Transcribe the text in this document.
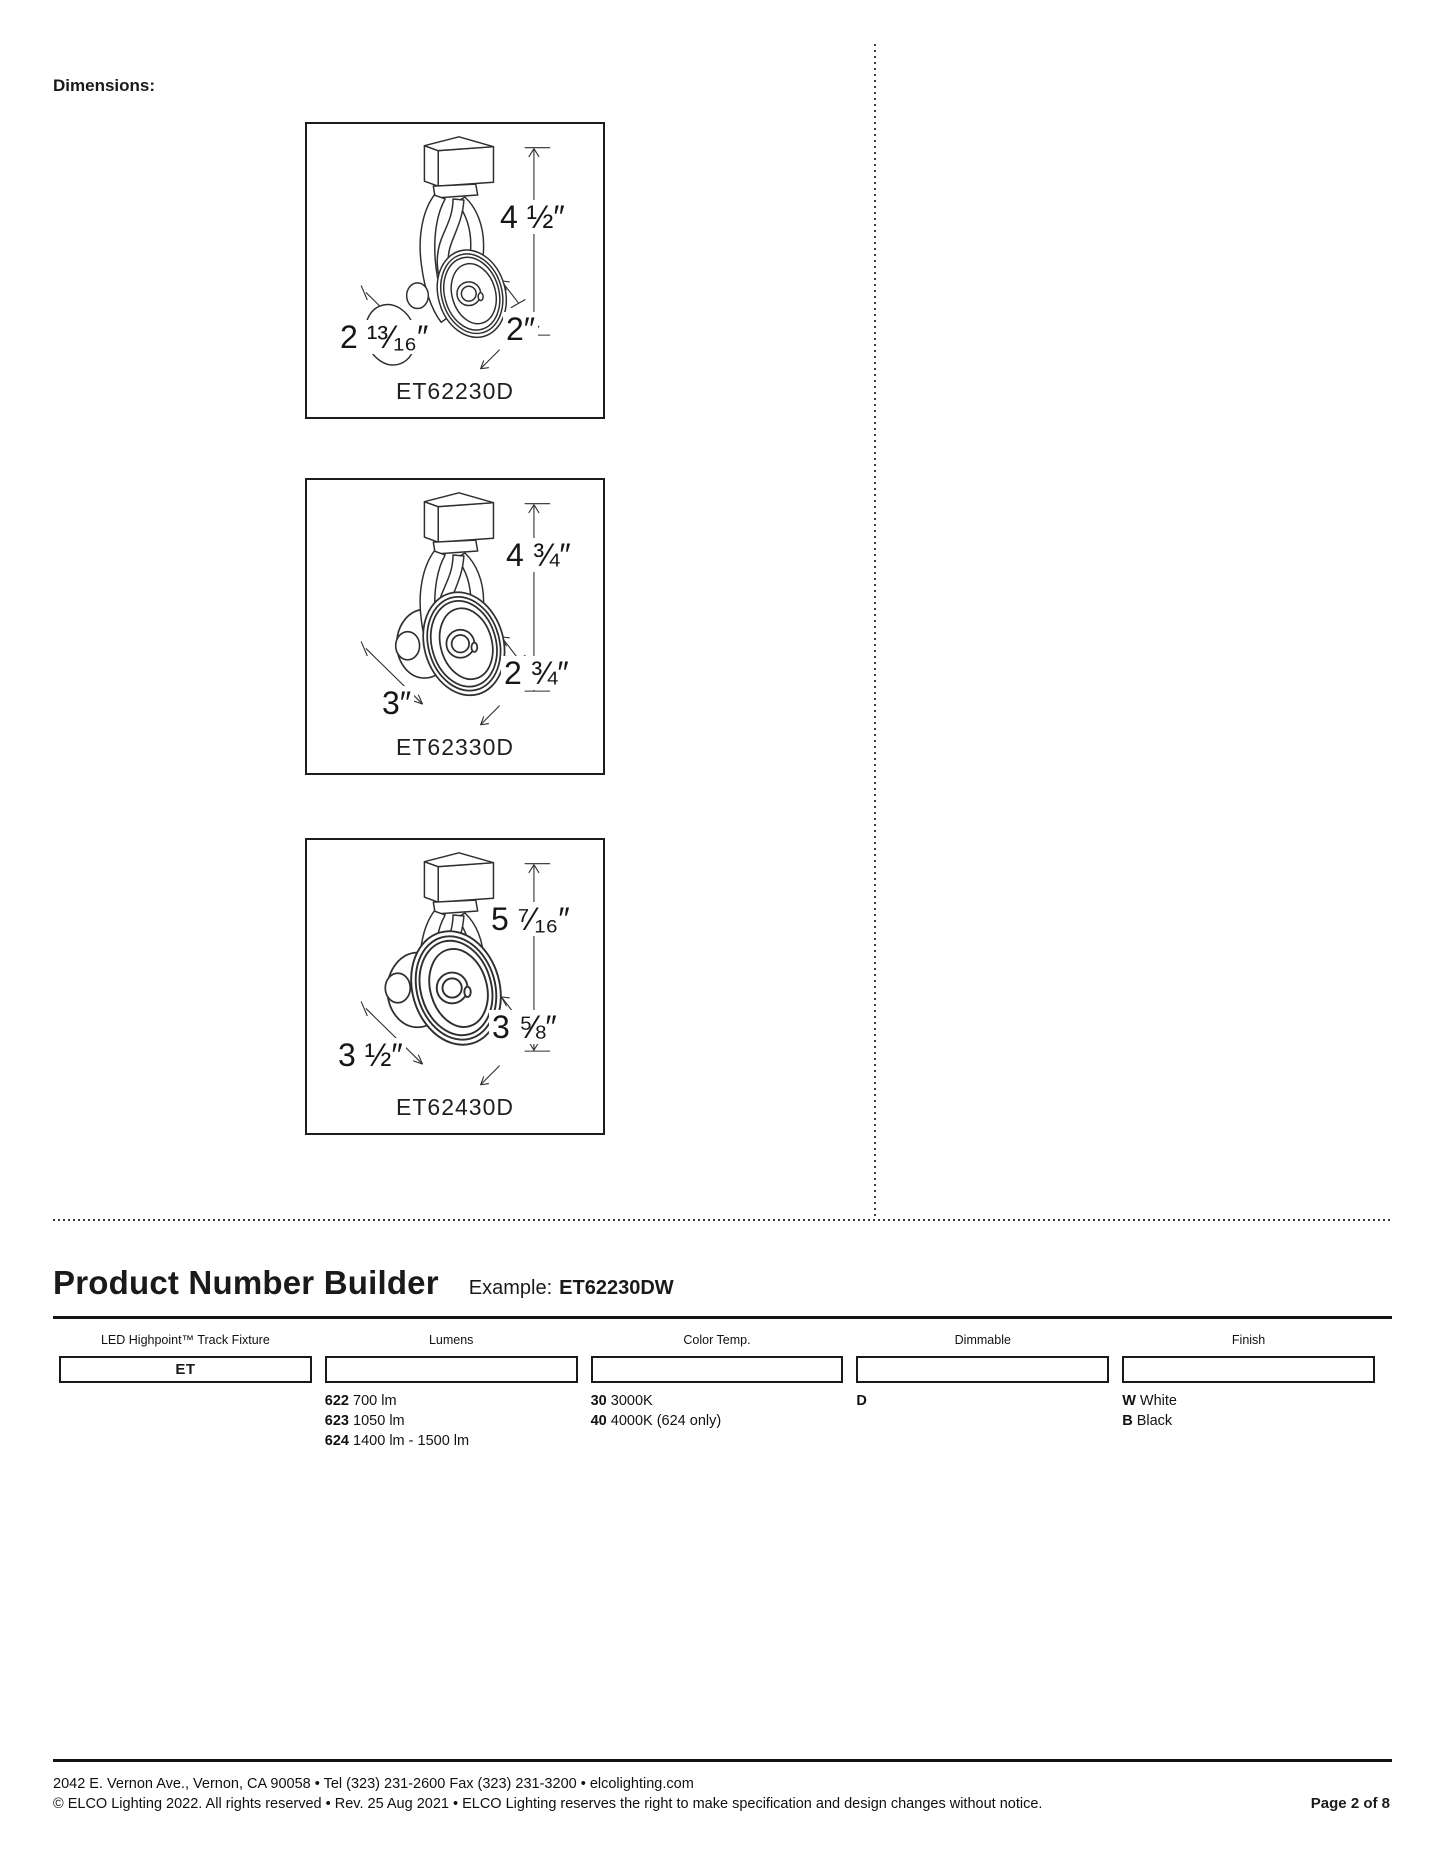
Dimensions:
4 ½″
2 ¹³⁄₁₆″ 2″
ET62230D
4 ¾″
3″
2 ¾″
ET62330D
5 ⁷⁄₁₆″
3 ½″
3 ⅝″
ET62430D
Product Number Builder Example: ET62230DW
LED Highpoint™ Track Fixture
ET
Lumens
622 700 lm
623 1050 lm
624 1400 lm - 1500 lm
Color Temp.
30 3000K
40 4000K (624 only)
Dimmable
D
Finish
W White
B Black
2042 E. Vernon Ave., Vernon, CA 90058 • Tel (323) 231-2600 Fax (323) 231-3200 • elcolighting.com
© ELCO Lighting 2022. All rights reserved • Rev. 25 Aug 2021 • ELCO Lighting reserves the right to make specification and design changes without notice.	Page 2 of 8
